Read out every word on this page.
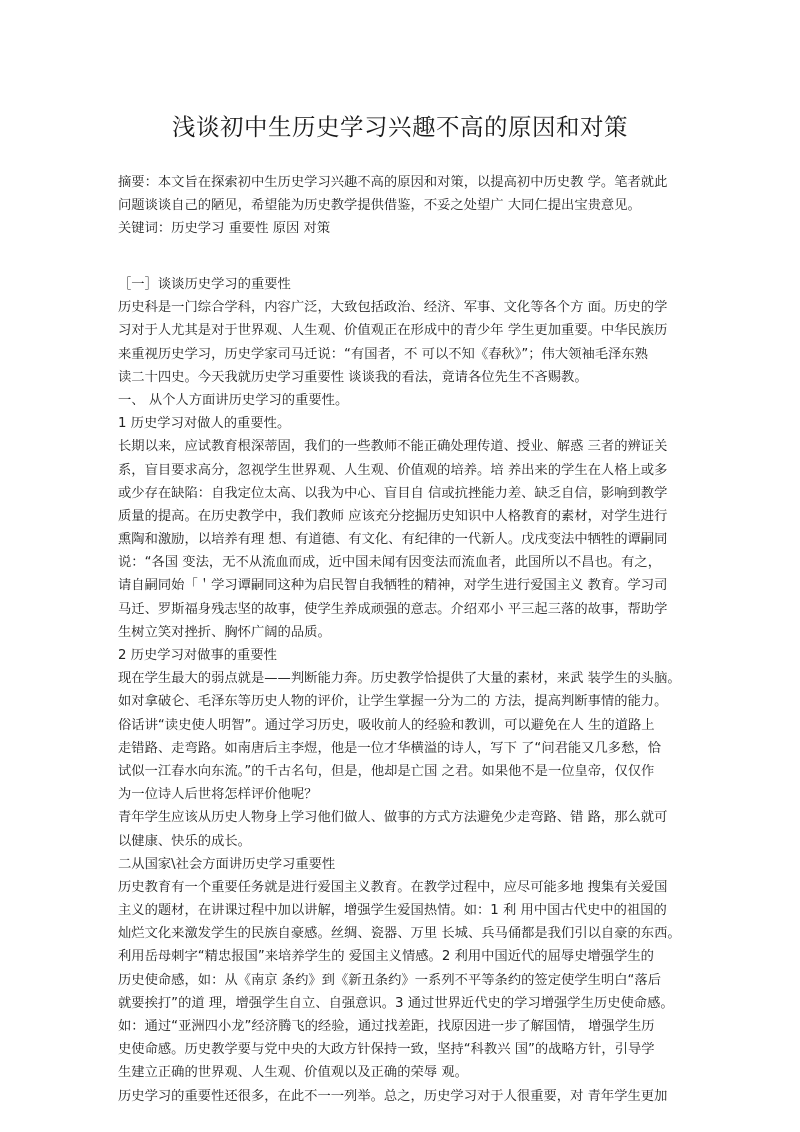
浅谈初中生历史学习兴趣不高的原因和对策
摘要：本文旨在探索初中生历史学习兴趣不高的原因和对策，以提高初中历史教 学。笔者就此
问题谈谈自己的陋见，希望能为历史教学提供借鉴，不妥之处望广 大同仁提出宝贵意见。
关键词：历史学习 重要性 原因 对策
［一］谈谈历史学习的重要性
历史科是一门综合学科，内容广泛，大致包括政治、经济、军事、文化等各个方 面。历史的学
习对于人尤其是对于世界观、人生观、价值观正在形成中的青少年 学生更加重要。中华民族历
来重视历史学习，历史学家司马迁说：“有国者，不 可以不知《春秋》”；伟大领袖毛泽东熟
读二十四史。今天我就历史学习重要性 谈谈我的看法，竟请各位先生不吝赐教。
一、 从个人方面讲历史学习的重要性。
1 历史学习对做人的重要性。
长期以来，应试教育根深蒂固，我们的一些教师不能正确处理传道、授业、解惑 三者的辨证关
系，盲目要求高分，忽视学生世界观、人生观、价值观的培养。培 养出来的学生在人格上或多
或少存在缺陷：自我定位太高、以我为中心、盲目自 信或抗挫能力差、缺乏自信，影响到教学
质量的提高。在历史教学中，我们教师 应该充分挖掘历史知识中人格教育的素材，对学生进行
熏陶和激励，以培养有理 想、有道德、有文化、有纪律的一代新人。戊戌变法中牺牲的谭嗣同
说：“各国 变法，无不从流血而成，近中国未闻有因变法而流血者，此国所以不昌也。有之，
请自嗣同始「＇学习谭嗣同这种为启民智自我牺牲的精神，对学生进行爱国主义 教育。学习司
马迁、罗斯福身残志坚的故事，使学生养成顽强的意志。介绍邓小 平三起三落的故事，帮助学
生树立笑对挫折、胸怀广阔的品质。
2 历史学习对做事的重要性
现在学生最大的弱点就是——判断能力奔。历史教学恰提供了大量的素材，来武 装学生的头脑。
如对拿破仑、毛泽东等历史人物的评价，让学生掌握一分为二的 方法，提高判断事情的能力。
俗话讲“读史使人明智”。通过学习历史，吸收前人的经验和教训，可以避免在人 生的道路上
走错路、走弯路。如南唐后主李煜，他是一位才华横溢的诗人，写下 了“问君能又几多愁，恰
试似一江春水向东流。”的千古名句，但是，他却是亡国 之君。如果他不是一位皇帝，仅仅作
为一位诗人后世将怎样评价他呢？
青年学生应该从历史人物身上学习他们做人、做事的方式方法避免少走弯路、错 路，那么就可
以健康、快乐的成长。
二从国家\社会方面讲历史学习重要性
历史教育有一个重要任务就是进行爱国主义教育。在教学过程中，应尽可能多地 搜集有关爱国
主义的题材，在讲课过程中加以讲解，增强学生爱国热情。如：1 利 用中国古代史中的祖国的
灿烂文化来激发学生的民族自豪感。丝绸、瓷器、万里 长城、兵马俑都是我们引以自豪的东西。
利用岳母刺字“精忠报国”来培养学生的 爱国主义情感。2 利用中国近代的屈辱史增强学生的
历史使命感，如：从《南京 条约》到《新丑条约》一系列不平等条约的签定使学生明白“落后
就要挨打”的道 理，增强学生自立、自强意识。3 通过世界近代史的学习增强学生历史使命感。
如：通过“亚洲四小龙”经济腾飞的经验，通过找差距，找原因进一步了解国情， 增强学生历
史使命感。历史教学要与党中央的大政方针保持一致，坚持“科教兴 国”的战略方针，引导学
生建立正确的世界观、人生观、价值观以及正确的荣辱 观。
历史学习的重要性还很多，在此不一一列举。总之，历史学习对于人很重要，对 青年学生更加
